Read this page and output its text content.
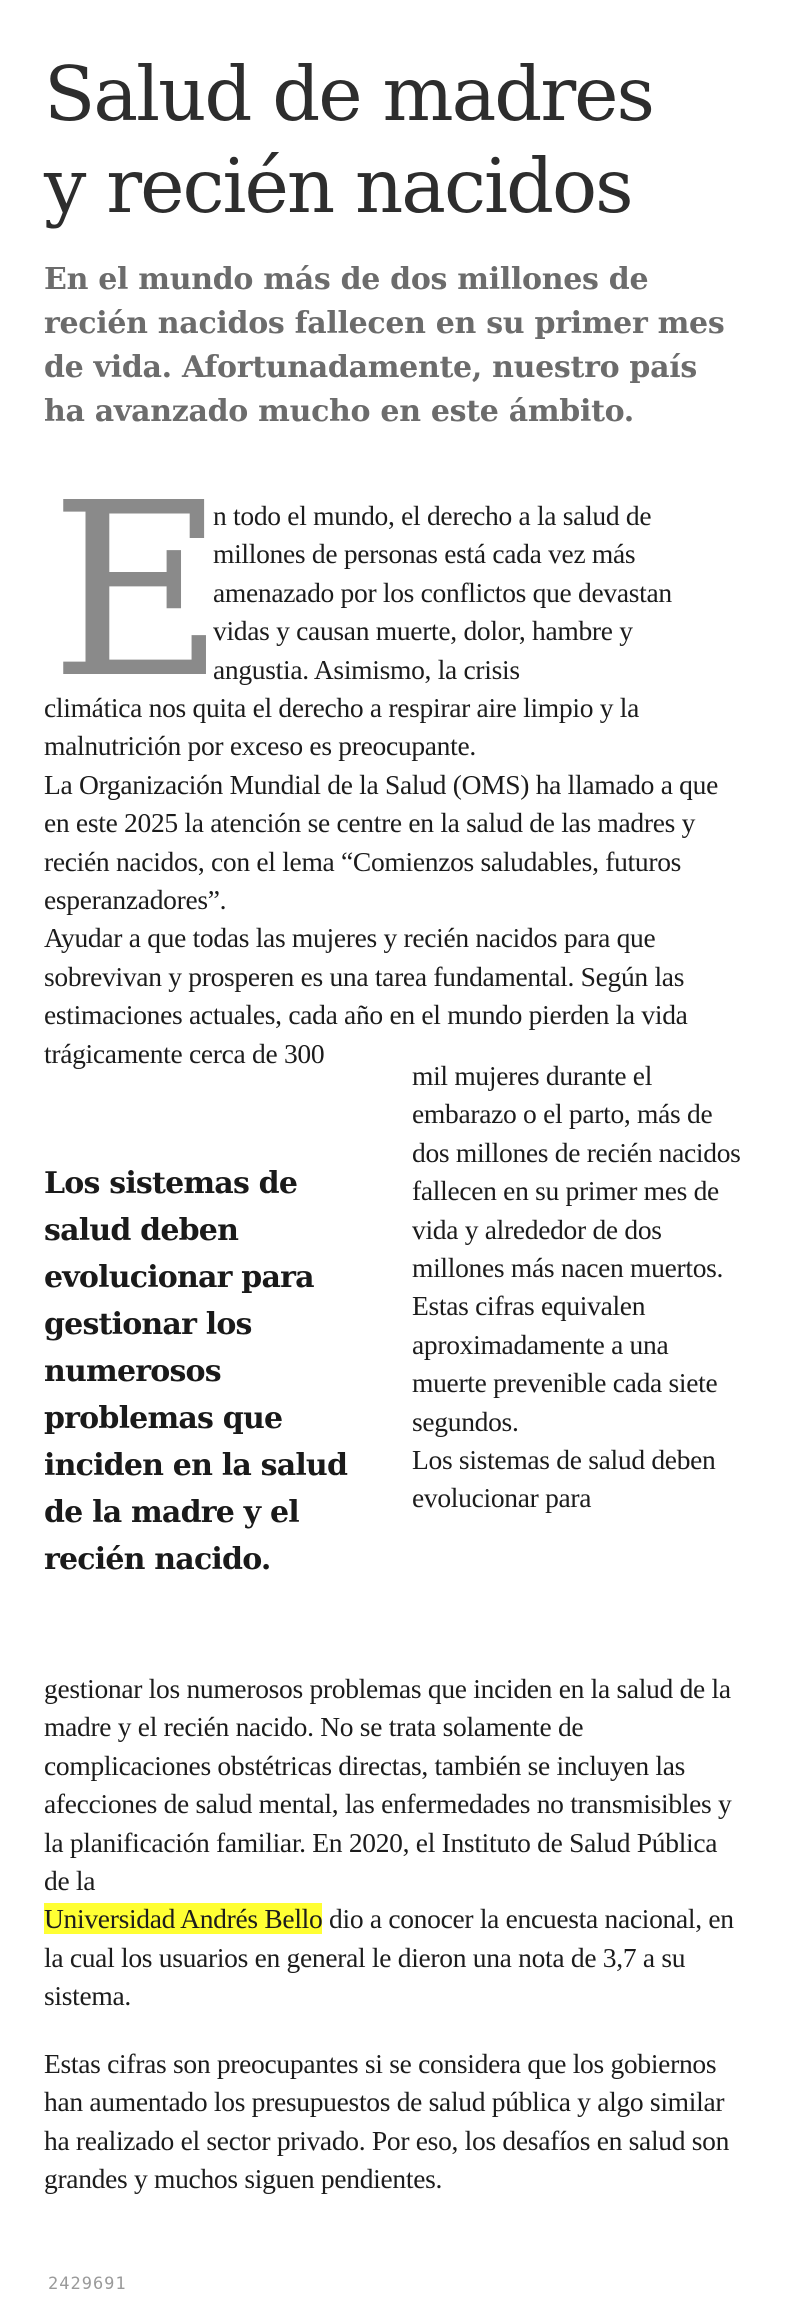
Salud de madres
y recién nacidos

En el mundo más de dos millones de recién nacidos fallecen en su primer mes de vida. Afortunadamente, nuestro país ha avanzado mucho en este ámbito.

E

n todo el mundo, el derecho a la salud de millones de personas está cada vez más amenazado por los conflictos que devastan vidas y causan muerte, dolor, hambre y angustia. Asimismo, la crisis

climática nos quita el derecho a respirar aire limpio y la malnutrición por exceso es preocupante.
La Organización Mundial de la Salud (OMS) ha llamado a que en este 2025 la atención se centre en la salud de las madres y recién nacidos, con el lema “Comienzos saludables, futuros esperanzadores”.
Ayudar a que todas las mujeres y recién nacidos para que sobrevivan y prosperen es una tarea fundamental. Según las estimaciones actuales, cada año en el mundo pierden la vida trágicamente cerca de 300
Los sistemas de salud deben evolucionar para gestionar los numerosos problemas que inciden en la salud de la madre y el recién nacido.
mil mujeres durante el embarazo o el parto, más de dos millones de recién nacidos fallecen en su primer mes de vida y alrededor de dos millones más nacen muertos. Estas cifras equivalen aproximadamente a una muerte prevenible cada siete segundos.
Los sistemas de salud deben evolucionar para
gestionar los numerosos problemas que inciden en la salud de la madre y el recién nacido. No se trata solamente de complicaciones obstétricas directas, también se incluyen las afecciones de salud mental, las enfermedades no transmisibles y la planificación familiar. En 2020, el Instituto de Salud Pública de la
Universidad Andrés Bello dio a conocer la encuesta nacional, en la cual los usuarios en general le dieron una nota de 3,7 a su sistema.

Estas cifras son preocupantes si se considera que los gobiernos han aumentado los presupuestos de salud pública y algo similar ha realizado el sector privado. Por eso, los desafíos en salud son grandes y muchos siguen pendientes.

2429691
